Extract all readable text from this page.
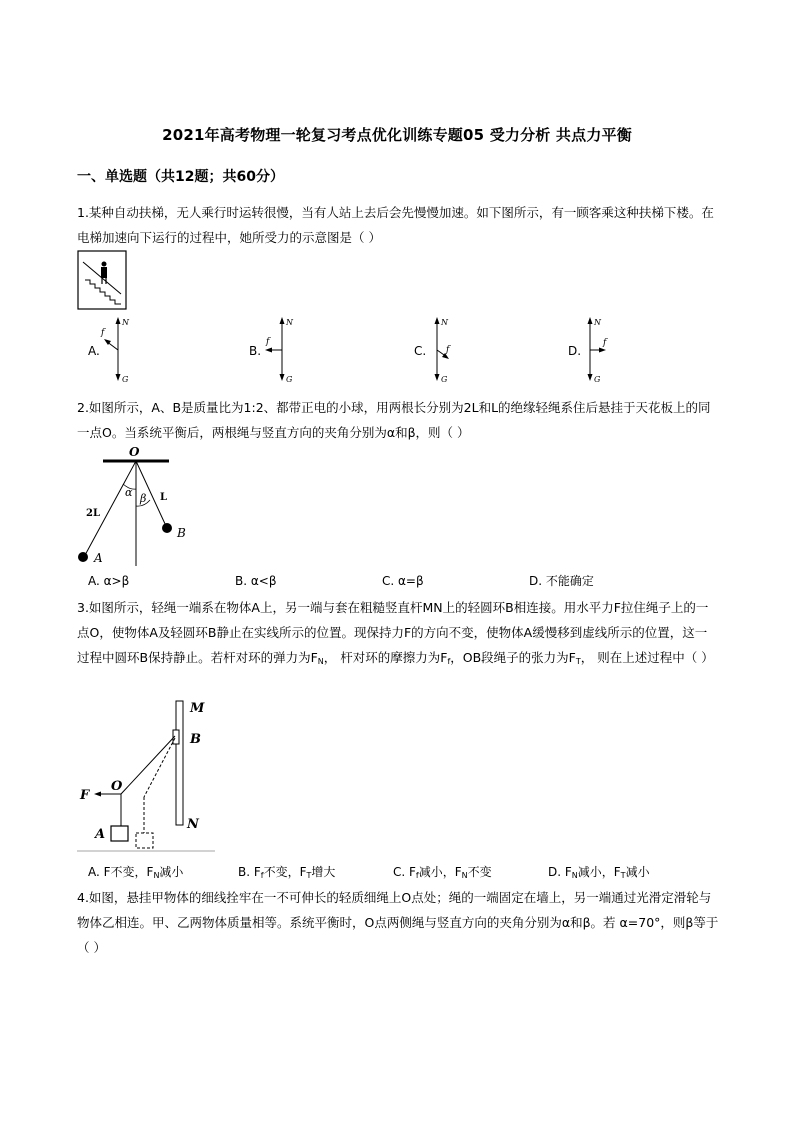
2021年高考物理一轮复习考点优化训练专题05 受力分析 共点力平衡
一、单选题（共12题；共60分）
1.某种自动扶梯，无人乘行时运转很慢，当有人站上去后会先慢慢加速。如下图所示，有一顾客乘这种扶梯下楼。在电梯加速向下运行的过程中，她所受力的示意图是（ ）
A.
N
G
f
B.
N
G
f
C.
N
G
f	D.
N
G
f
2.如图所示，A、B是质量比为1:2、都带正电的小球，用两根长分别为2L和L的绝缘轻绳系住后悬挂于天花板上的同一点O。当系统平衡后，两根绳与竖直方向的夹角分别为α和β，则（ ）
O
α β L
2L
A
B
A. α>β	B. α<β	C. α=β	D. 不能确定
3.如图所示，轻绳一端系在物体A上，另一端与套在粗糙竖直杆MN上的轻圆环B相连接。用水平力F拉住绳子上的一点O，使物体A及轻圆环B静止在实线所示的位置。现保持力F的方向不变，使物体A缓慢移到虚线所示的位置，这一过程中圆环B保持静止。若杆对环的弹力为$F_N$， 杆对环的摩擦力为$F_f$，OB段绳子的张力为$F_T$， 则在上述过程中（ ）
M
B
N
F
O
A
A. F不变，$F_N$减小	B. $F_f$不变，$F_T$增大	C. $F_f$减小，$F_N$不变	D. $F_N$减小，$F_T$减小
4.如图，悬挂甲物体的细线拴牢在一不可伸长的轻质细绳上O点处；绳的一端固定在墙上，另一端通过光滑定滑轮与物体乙相连。甲、乙两物体质量相等。系统平衡时，O点两侧绳与竖直方向的夹角分别为α和β。若 α=70°，则β等于（ ）
